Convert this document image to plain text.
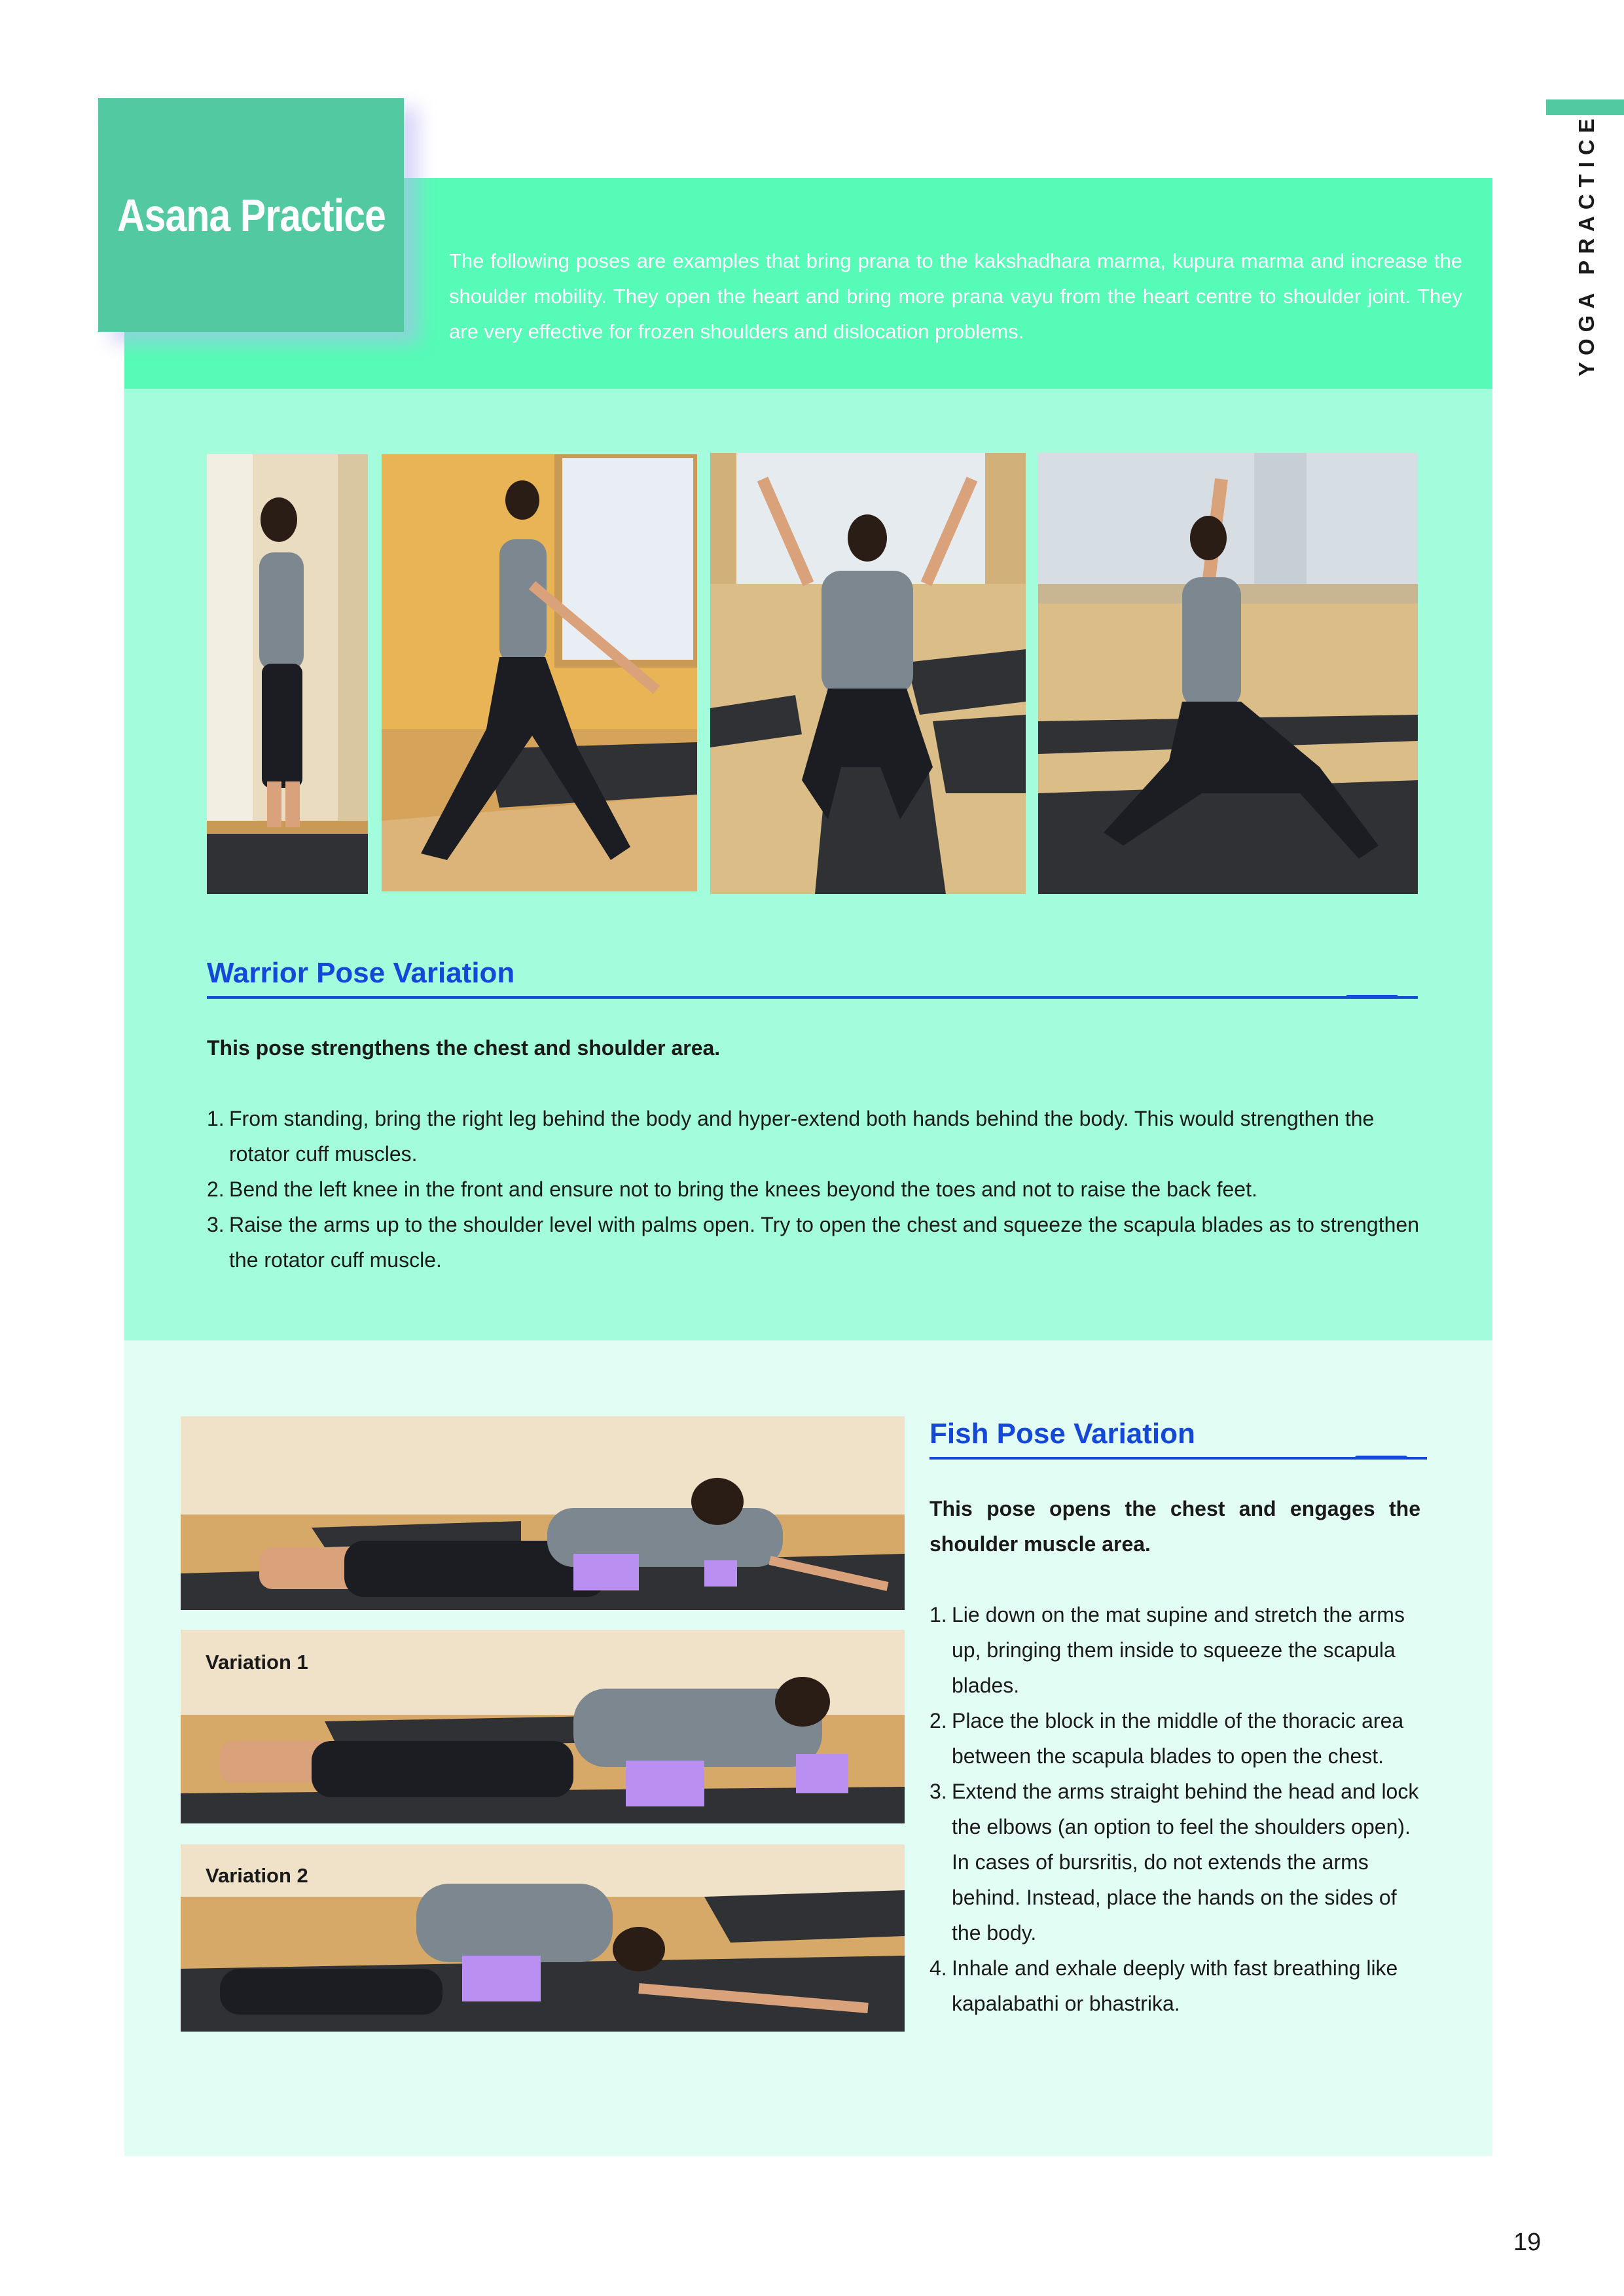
YOGA PRACTICE
Asana Practice

The following poses are examples that bring prana to the kakshadhara marma, kupura marma and increase the shoulder mobility. They open the heart and bring more prana vayu from the heart centre to shoulder joint. They are very effective for frozen shoulders and dislocation problems.

Warrior Pose Variation

This pose strengthens the chest and shoulder area.

1. From standing, bring the right leg behind the body and hyper-extend both hands behind the body. This would strengthen the rotator cuff muscles.
2. Bend the left knee in the front and ensure not to bring the knees beyond the toes and not to raise the back feet.
3. Raise the arms up to the shoulder level with palms open. Try to open the chest and squeeze the scapula blades as to strengthen the rotator cuff muscle.
Variation 1
Variation 2
Fish Pose Variation

This pose opens the chest and engages the shoulder muscle area.

1. Lie down on the mat supine and stretch the arms up, bringing them inside to squeeze the scapula blades.
2. Place the block in the middle of the thoracic area between the scapula blades to open the chest.
3. Extend the arms straight behind the head and lock the elbows (an option to feel the shoulders open). In cases of bursritis, do not extends the arms behind. Instead, place the hands on the sides of the body.
4. Inhale and exhale deeply with fast breathing like kapalabathi or bhastrika.
19
